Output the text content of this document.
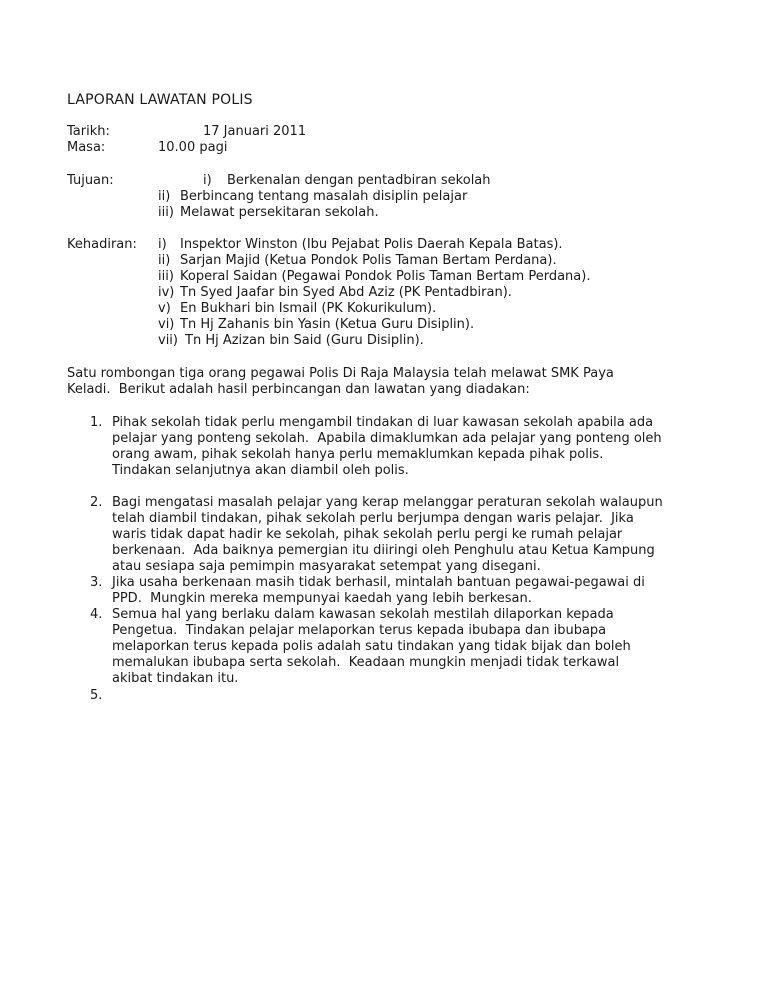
LAPORAN LAWATAN POLIS
Tarikh:	17 Januari 2011
Masa:	10.00 pagi
Tujuan:	i) Berkenalan dengan pentadbiran sekolah
ii) Berbincang tentang masalah disiplin pelajar
iii) Melawat persekitaran sekolah.
Kehadiran: i) Inspektor Winston (Ibu Pejabat Polis Daerah Kepala Batas).
ii) Sarjan Majid (Ketua Pondok Polis Taman Bertam Perdana).
iii) Koperal Saidan (Pegawai Pondok Polis Taman Bertam Perdana).
iv) Tn Syed Jaafar bin Syed Abd Aziz (PK Pentadbiran).
v) En Bukhari bin Ismail (PK Kokurikulum).
vi) Tn Hj Zahanis bin Yasin (Ketua Guru Disiplin).
vii) Tn Hj Azizan bin Said (Guru Disiplin).
Satu rombongan tiga orang pegawai Polis Di Raja Malaysia telah melawat SMK Paya
Keladi.  Berikut adalah hasil perbincangan dan lawatan yang diadakan:
1. Pihak sekolah tidak perlu mengambil tindakan di luar kawasan sekolah apabila ada
pelajar yang ponteng sekolah.  Apabila dimaklumkan ada pelajar yang ponteng oleh
orang awam, pihak sekolah hanya perlu memaklumkan kepada pihak polis.
Tindakan selanjutnya akan diambil oleh polis.
2. Bagi mengatasi masalah pelajar yang kerap melanggar peraturan sekolah walaupun
telah diambil tindakan, pihak sekolah perlu berjumpa dengan waris pelajar.  Jika
waris tidak dapat hadir ke sekolah, pihak sekolah perlu pergi ke rumah pelajar
berkenaan.  Ada baiknya pemergian itu diiringi oleh Penghulu atau Ketua Kampung
atau sesiapa saja pemimpin masyarakat setempat yang disegani.
3. Jika usaha berkenaan masih tidak berhasil, mintalah bantuan pegawai-pegawai di
PPD.  Mungkin mereka mempunyai kaedah yang lebih berkesan.
4. Semua hal yang berlaku dalam kawasan sekolah mestilah dilaporkan kepada
Pengetua.  Tindakan pelajar melaporkan terus kepada ibubapa dan ibubapa
melaporkan terus kepada polis adalah satu tindakan yang tidak bijak dan boleh
memalukan ibubapa serta sekolah.  Keadaan mungkin menjadi tidak terkawal
akibat tindakan itu.
5.
